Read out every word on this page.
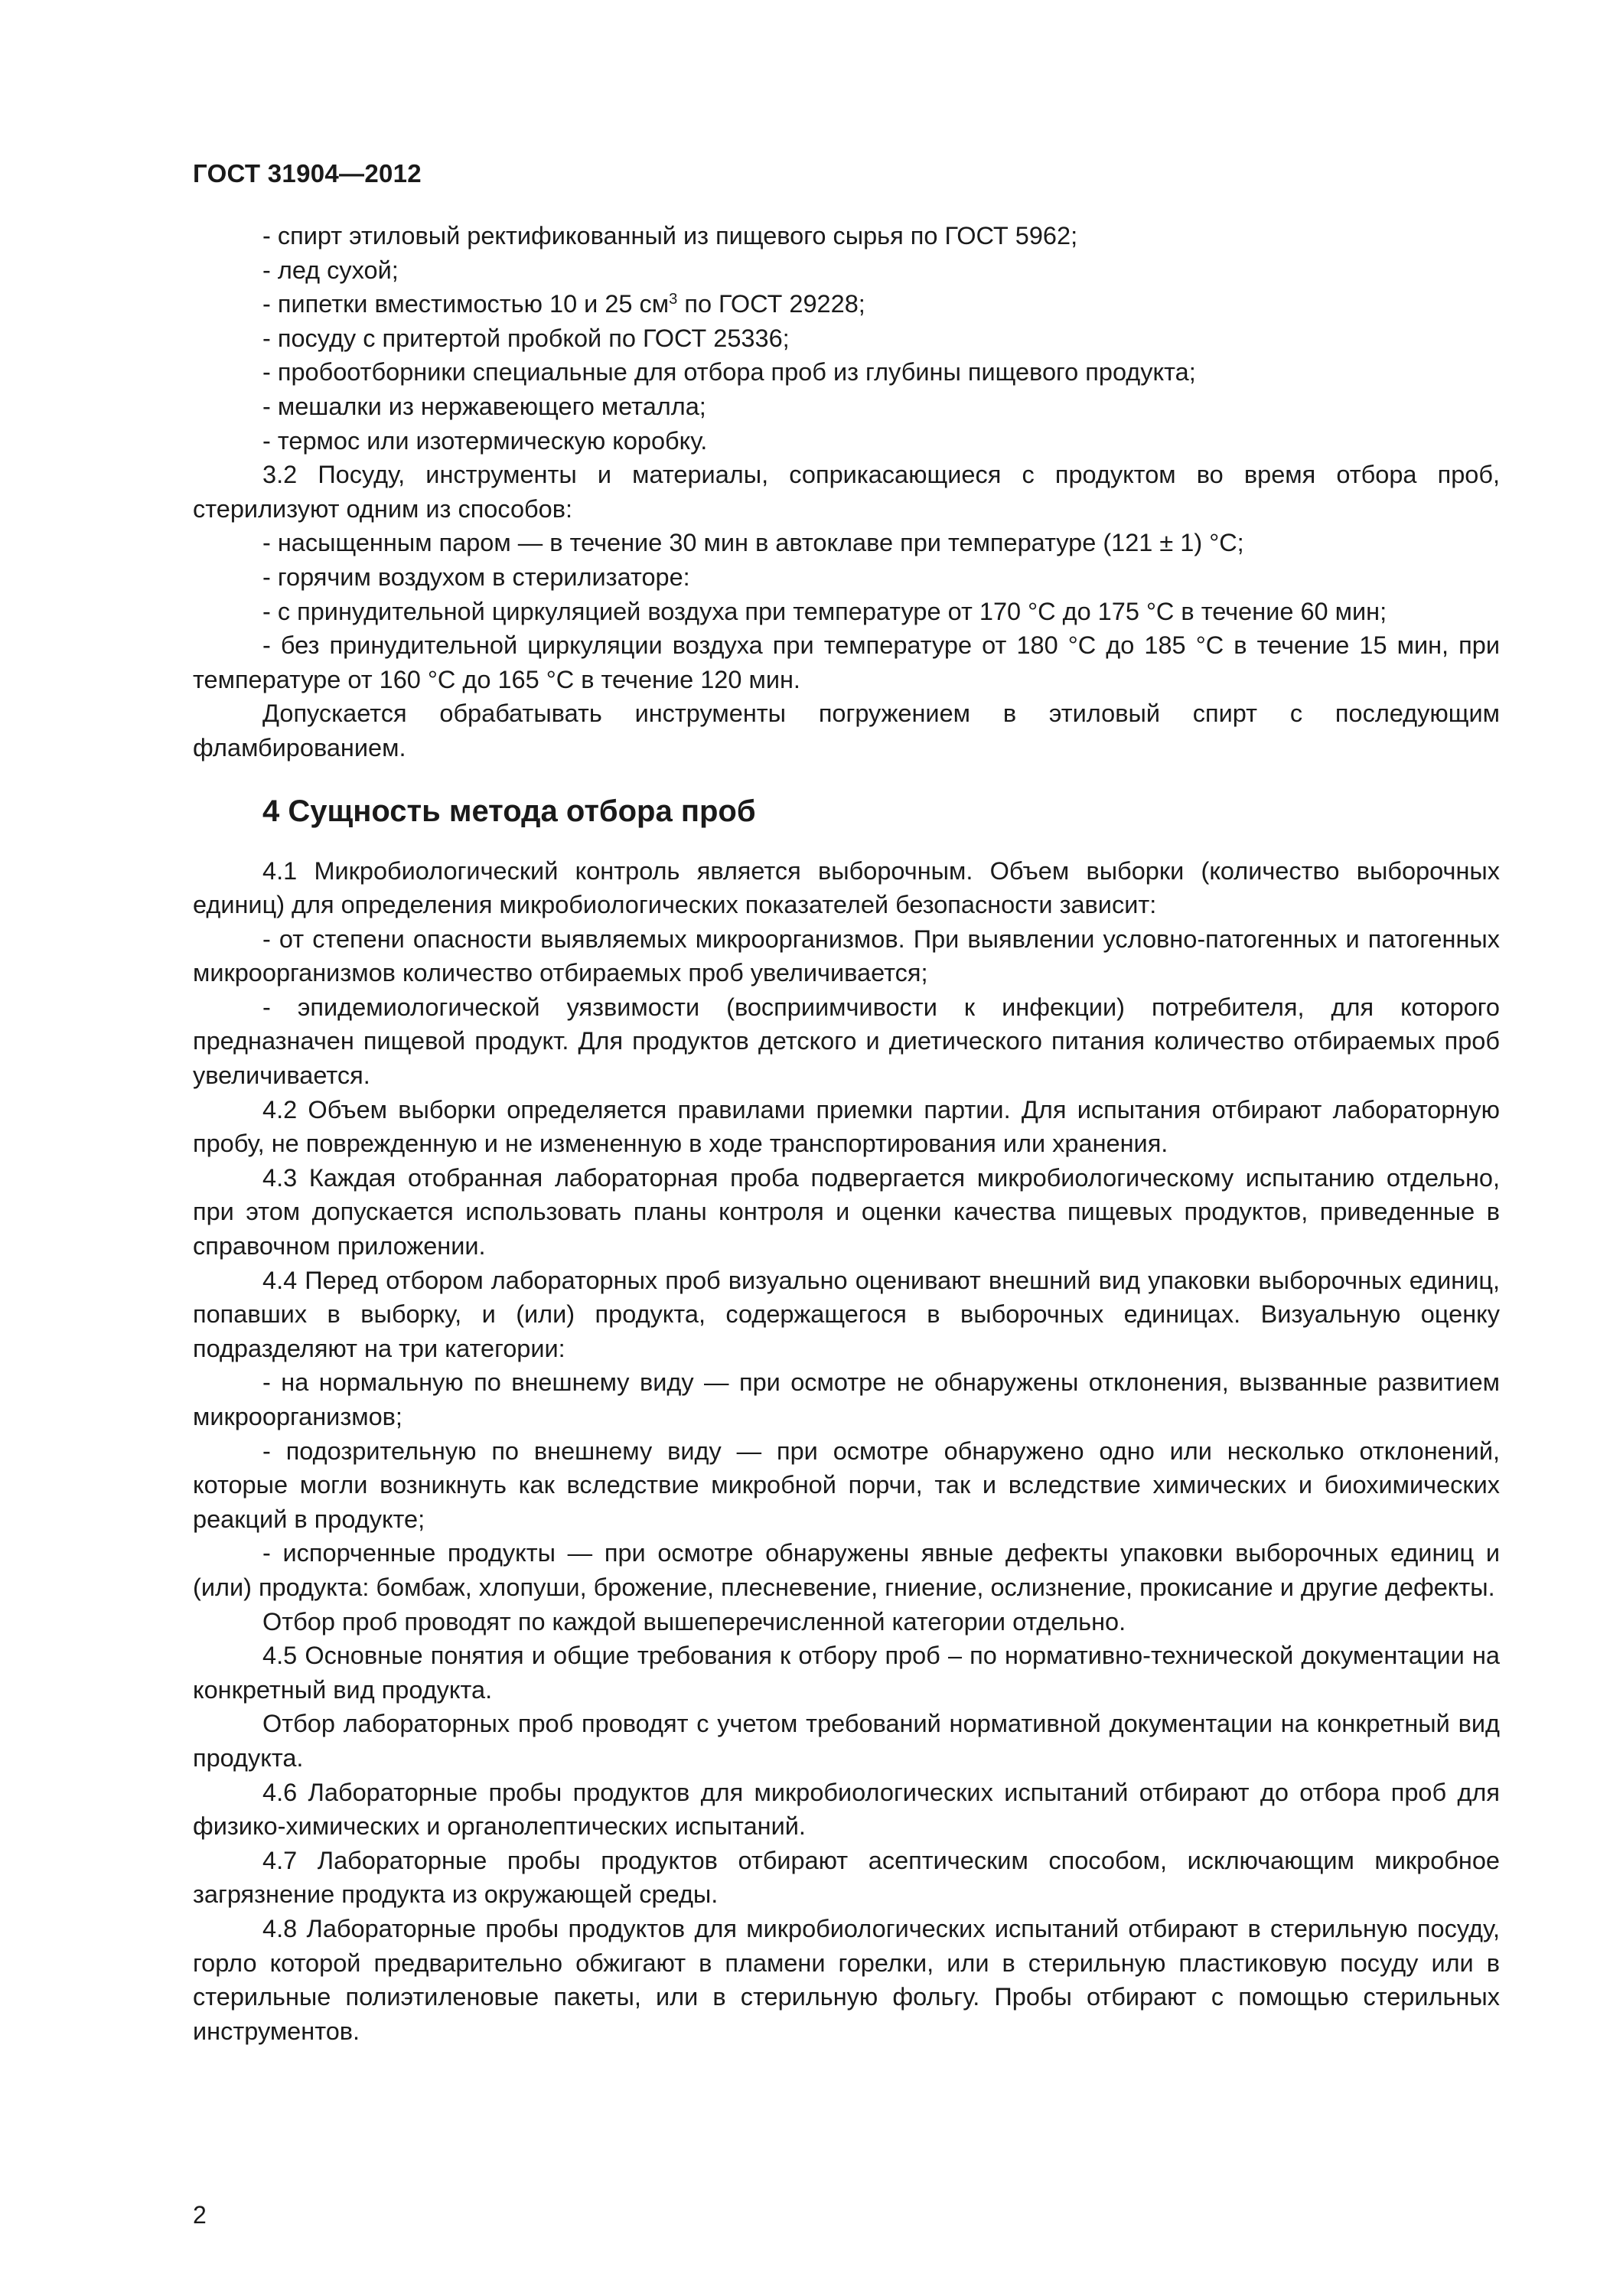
ГОСТ 31904—2012

- спирт этиловый ректификованный из пищевого сырья по ГОСТ 5962;

- лед сухой;

- пипетки вместимостью 10 и 25 $см^3$ по ГОСТ 29228;

- посуду с притертой пробкой по ГОСТ 25336;

- пробоотборники специальные для отбора проб из глубины пищевого продукта;

- мешалки из нержавеющего металла;

- термос или изотермическую коробку.

3.2 Посуду, инструменты и материалы, соприкасающиеся с продуктом во время отбора проб, стерилизуют одним из способов:

- насыщенным паром — в течение 30 мин в автоклаве при температуре (121 ± 1) °C;

- горячим воздухом в стерилизаторе:

- с принудительной циркуляцией воздуха при температуре от 170 °C до 175 °C в течение 60 мин;

- без принудительной циркуляции воздуха при температуре от 180 °C до 185 °C в течение 15 мин, при температуре от 160 °C до 165 °C в течение 120 мин.

Допускается обрабатывать инструменты погружением в этиловый спирт с последующим фламбированием.

4 Сущность метода отбора проб

4.1 Микробиологический контроль является выборочным. Объем выборки (количество выборочных единиц) для определения микробиологических показателей безопасности зависит:

- от степени опасности выявляемых микроорганизмов. При выявлении условно-патогенных и патогенных микроорганизмов количество отбираемых проб увеличивается;

- эпидемиологической уязвимости (восприимчивости к инфекции) потребителя, для которого предназначен пищевой продукт. Для продуктов детского и диетического питания количество отбираемых проб увеличивается.

4.2 Объем выборки определяется правилами приемки партии. Для испытания отбирают лабораторную пробу, не поврежденную и не измененную в ходе транспортирования или хранения.

4.3 Каждая отобранная лабораторная проба подвергается микробиологическому испытанию отдельно, при этом допускается использовать планы контроля и оценки качества пищевых продуктов, приведенные в справочном приложении.

4.4 Перед отбором лабораторных проб визуально оценивают внешний вид упаковки выборочных единиц, попавших в выборку, и (или) продукта, содержащегося в выборочных единицах. Визуальную оценку подразделяют на три категории:

- на нормальную по внешнему виду — при осмотре не обнаружены отклонения, вызванные развитием микроорганизмов;

- подозрительную по внешнему виду — при осмотре обнаружено одно или несколько отклонений, которые могли возникнуть как вследствие микробной порчи, так и вследствие химических и биохимических реакций в продукте;

- испорченные продукты — при осмотре обнаружены явные дефекты упаковки выборочных единиц и (или) продукта: бомбаж, хлопуши, брожение, плесневение, гниение, ослизнение, прокисание и другие дефекты.

Отбор проб проводят по каждой вышеперечисленной категории отдельно.

4.5 Основные понятия и общие требования к отбору проб – по нормативно-технической документации на конкретный вид продукта.

Отбор лабораторных проб проводят с учетом требований нормативной документации на конкретный вид продукта.

4.6 Лабораторные пробы продуктов для микробиологических испытаний отбирают до отбора проб для физико-химических и органолептических испытаний.

4.7 Лабораторные пробы продуктов отбирают асептическим способом, исключающим микробное загрязнение продукта из окружающей среды.

4.8 Лабораторные пробы продуктов для микробиологических испытаний отбирают в стерильную посуду, горло которой предварительно обжигают в пламени горелки, или в стерильную пластиковую посуду или в стерильные полиэтиленовые пакеты, или в стерильную фольгу. Пробы отбирают с помощью стерильных инструментов.

2
